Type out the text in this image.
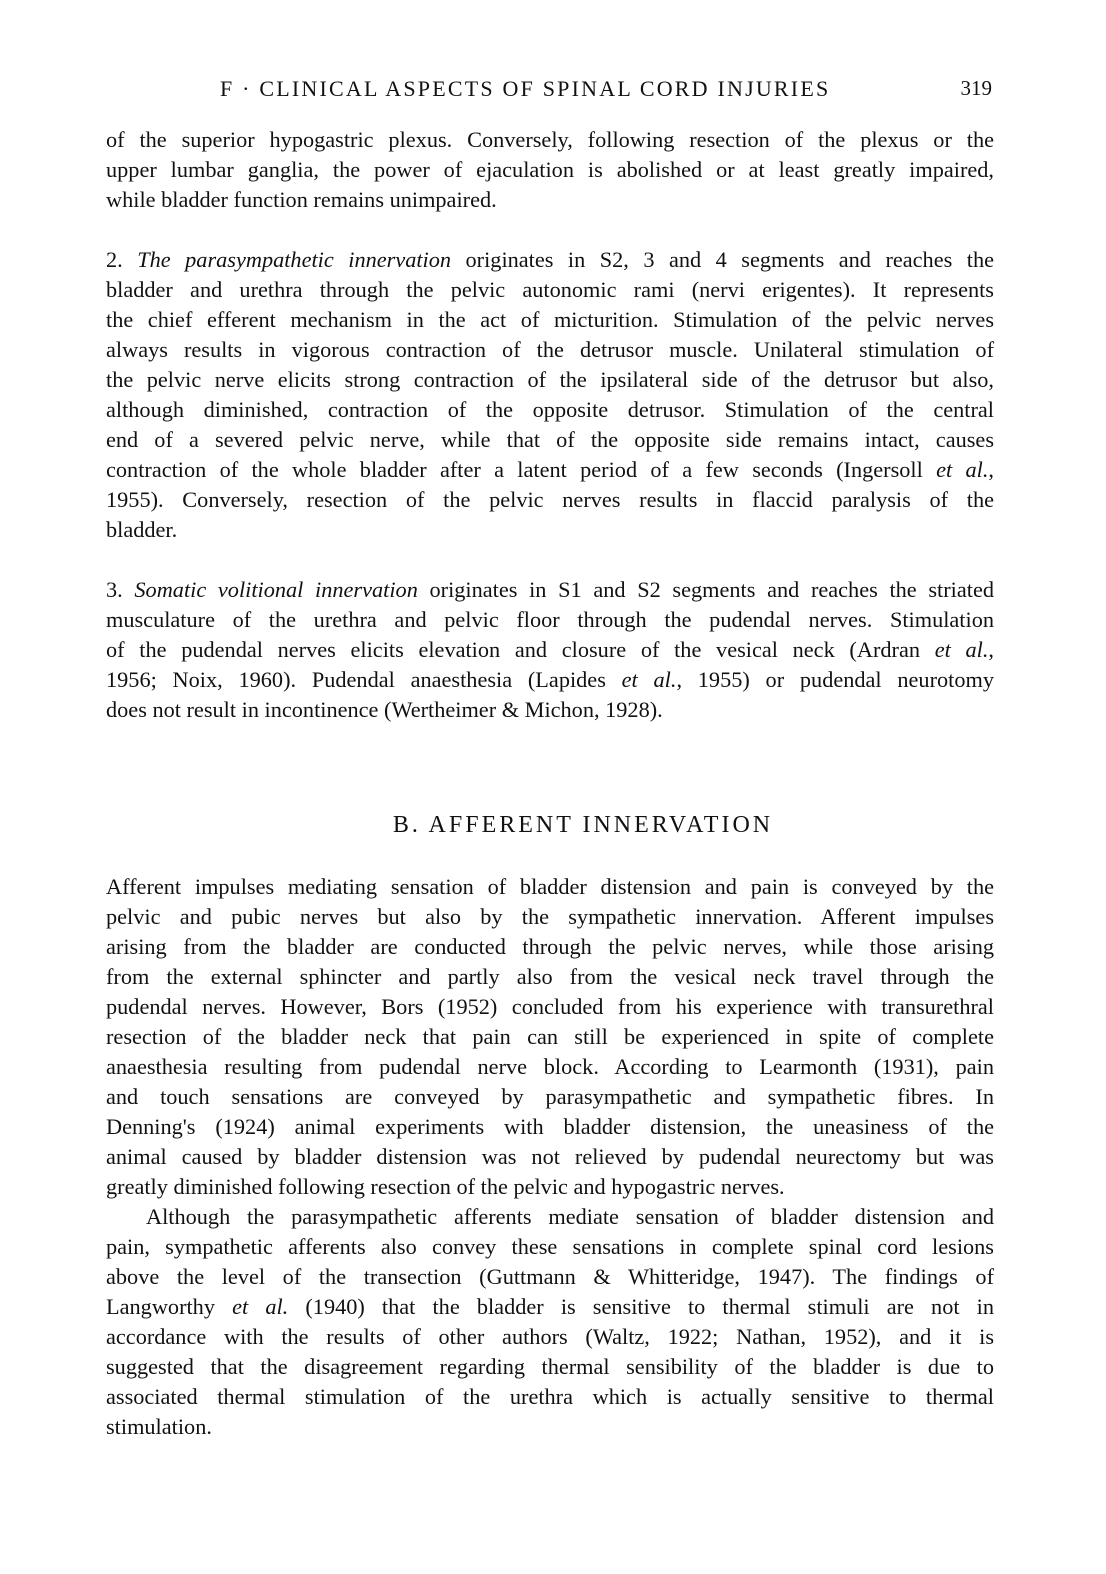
F · CLINICAL ASPECTS OF SPINAL CORD INJURIES	319
of the superior hypogastric plexus. Conversely, following resection of the plexus or the
upper lumbar ganglia, the power of ejaculation is abolished or at least greatly impaired,
while bladder function remains unimpaired.
2. The parasympathetic innervation originates in S2, 3 and 4 segments and reaches the
bladder and urethra through the pelvic autonomic rami (nervi erigentes). It represents
the chief efferent mechanism in the act of micturition. Stimulation of the pelvic nerves
always results in vigorous contraction of the detrusor muscle. Unilateral stimulation of
the pelvic nerve elicits strong contraction of the ipsilateral side of the detrusor but also,
although diminished, contraction of the opposite detrusor. Stimulation of the central
end of a severed pelvic nerve, while that of the opposite side remains intact, causes
contraction of the whole bladder after a latent period of a few seconds (Ingersoll et al.,
1955). Conversely, resection of the pelvic nerves results in flaccid paralysis of the
bladder.
3. Somatic volitional innervation originates in S1 and S2 segments and reaches the striated
musculature of the urethra and pelvic floor through the pudendal nerves. Stimulation
of the pudendal nerves elicits elevation and closure of the vesical neck (Ardran et al.,
1956; Noix, 1960). Pudendal anaesthesia (Lapides et al., 1955) or pudendal neurotomy
does not result in incontinence (Wertheimer & Michon, 1928).
B. AFFERENT INNERVATION
Afferent impulses mediating sensation of bladder distension and pain is conveyed by the
pelvic and pubic nerves but also by the sympathetic innervation. Afferent impulses
arising from the bladder are conducted through the pelvic nerves, while those arising
from the external sphincter and partly also from the vesical neck travel through the
pudendal nerves. However, Bors (1952) concluded from his experience with transurethral
resection of the bladder neck that pain can still be experienced in spite of complete
anaesthesia resulting from pudendal nerve block. According to Learmonth (1931), pain
and touch sensations are conveyed by parasympathetic and sympathetic fibres. In
Denning's (1924) animal experiments with bladder distension, the uneasiness of the
animal caused by bladder distension was not relieved by pudendal neurectomy but was
greatly diminished following resection of the pelvic and hypogastric nerves.
Although the parasympathetic afferents mediate sensation of bladder distension and
pain, sympathetic afferents also convey these sensations in complete spinal cord lesions
above the level of the transection (Guttmann & Whitteridge, 1947). The findings of
Langworthy et al. (1940) that the bladder is sensitive to thermal stimuli are not in
accordance with the results of other authors (Waltz, 1922; Nathan, 1952), and it is
suggested that the disagreement regarding thermal sensibility of the bladder is due to
associated thermal stimulation of the urethra which is actually sensitive to thermal
stimulation.
